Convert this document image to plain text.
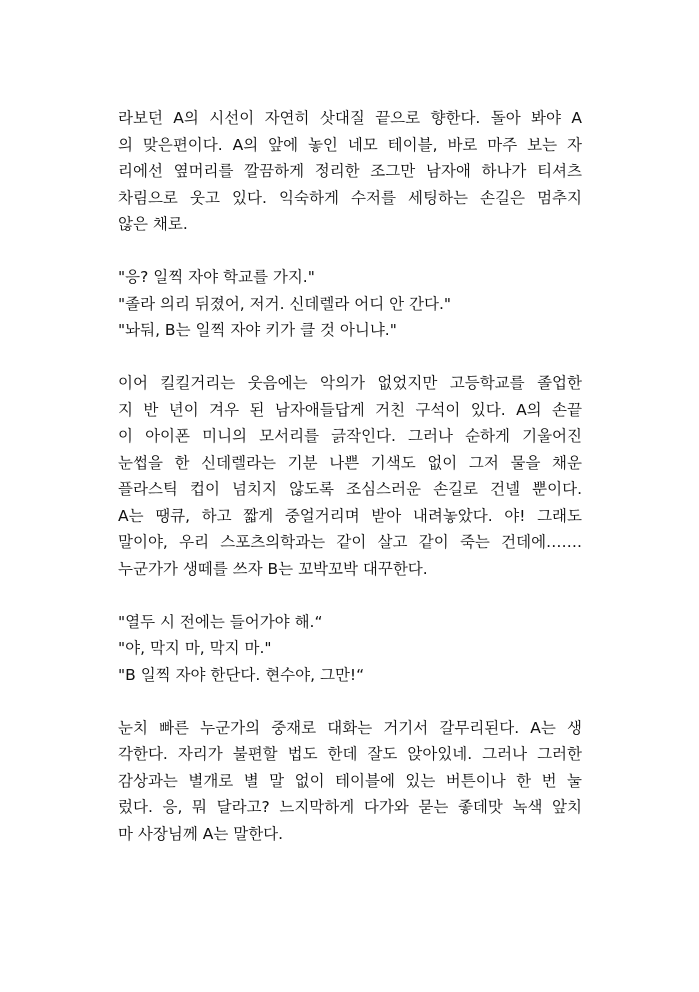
라보던 A의 시선이 자연히 삿대질 끝으로 향한다. 돌아 봐야 A
의 맞은편이다. A의 앞에 놓인 네모 테이블, 바로 마주 보는 자
리에선 옆머리를 깔끔하게 정리한 조그만 남자애 하나가 티셔츠
차림으로 웃고 있다. 익숙하게 수저를 세팅하는 손길은 멈추지
않은 채로.
"응? 일찍 자야 학교를 가지."
"졸라 의리 뒤졌어, 저거. 신데렐라 어디 안 간다."
"놔둬, B는 일찍 자야 키가 클 것 아니냐."
이어 킬킬거리는 웃음에는 악의가 없었지만 고등학교를 졸업한
지 반 년이 겨우 된 남자애들답게 거친 구석이 있다. A의 손끝
이 아이폰 미니의 모서리를 긁작인다. 그러나 순하게 기울어진
눈썹을 한 신데렐라는 기분 나쁜 기색도 없이 그저 물을 채운
플라스틱 컵이 넘치지 않도록 조심스러운 손길로 건넬 뿐이다.
A는 땡큐, 하고 짧게 중얼거리며 받아 내려놓았다. 야! 그래도
말이야, 우리 스포츠의학과는 같이 살고 같이 죽는 건데에…….
누군가가 생떼를 쓰자 B는 꼬박꼬박 대꾸한다.
"열두 시 전에는 들어가야 해.“
"야, 막지 마, 막지 마."
"B 일찍 자야 한단다. 현수야, 그만!“
눈치 빠른 누군가의 중재로 대화는 거기서 갈무리된다. A는 생
각한다. 자리가 불편할 법도 한데 잘도 앉아있네. 그러나 그러한
감상과는 별개로 별 말 없이 테이블에 있는 버튼이나 한 번 눌
렀다. 응, 뭐 달라고? 느지막하게 다가와 묻는 좋데맛 녹색 앞치
마 사장님께 A는 말한다.
